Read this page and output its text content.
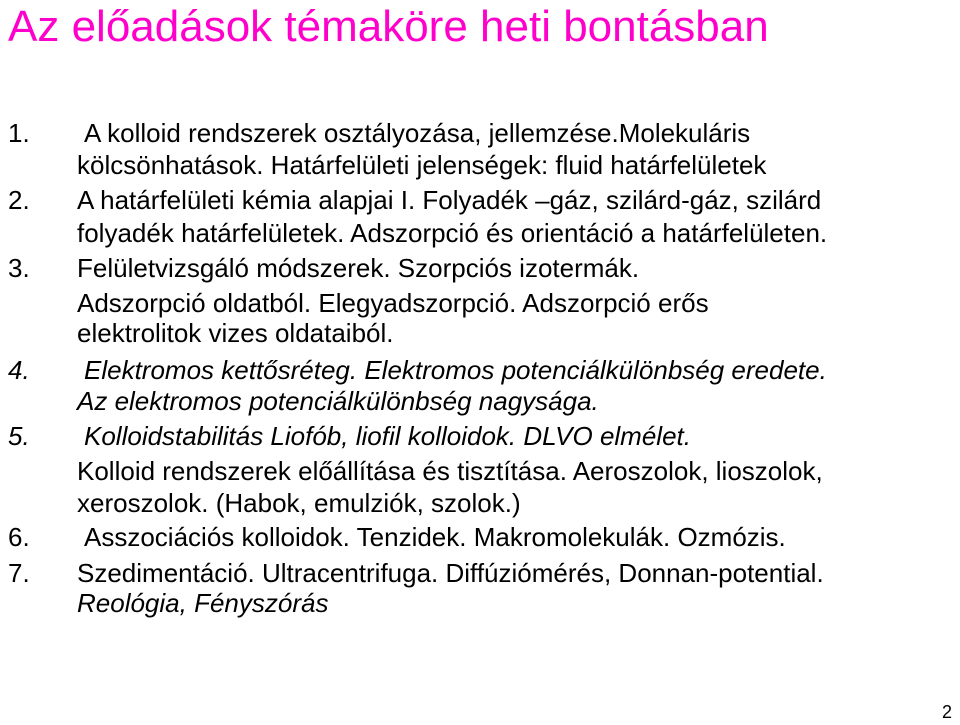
Az előadások témaköre heti bontásban
1. A kolloid rendszerek osztályozása, jellemzése.Molekuláris
kölcsönhatások. Határfelületi jelenségek: fluid határfelületek
2. A határfelületi kémia alapjai I. Folyadék –gáz, szilárd-gáz, szilárd
folyadék határfelületek. Adszorpció és orientáció a határfelületen.
3. Felületvizsgáló módszerek. Szorpciós izotermák.
Adszorpció oldatból. Elegyadszorpció. Adszorpció erős
elektrolitok vizes oldataiból.
4. Elektromos kettősréteg. Elektromos potenciálkülönbség eredete.
Az elektromos potenciálkülönbség nagysága.
5. Kolloidstabilitás Liofób, liofil kolloidok. DLVO elmélet.
Kolloid rendszerek előállítása és tisztítása. Aeroszolok, lioszolok,
xeroszolok. (Habok, emulziók, szolok.)
6. Asszociációs kolloidok. Tenzidek. Makromolekulák. Ozmózis.
7. Szedimentáció. Ultracentrifuga. Diffúziómérés, Donnan-potential.
Reológia, Fényszórás
2
